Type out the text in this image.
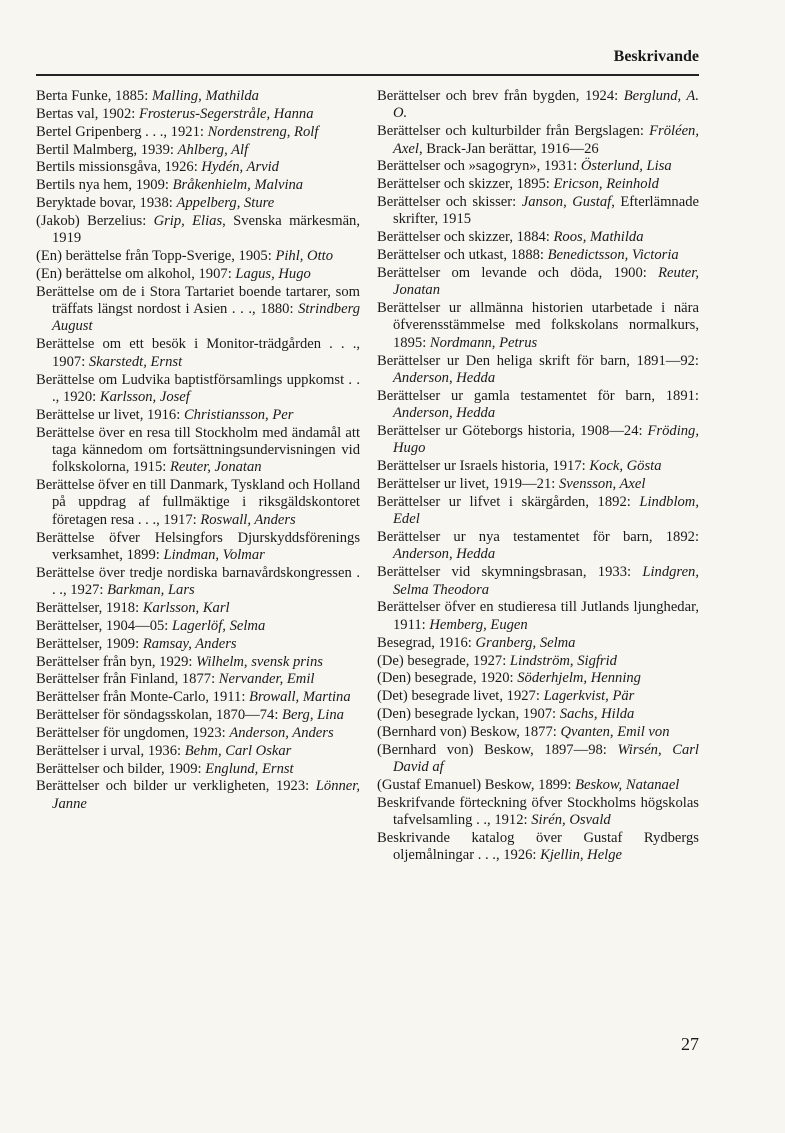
Beskrivande

Berta Funke, 1885: Malling, Mathilda

Bertas val, 1902: Frosterus-Segerstråle, Hanna

Bertel Gripenberg . . ., 1921: Nordenstreng, Rolf

Bertil Malmberg, 1939: Ahlberg, Alf

Bertils missionsgåva, 1926: Hydén, Arvid

Bertils nya hem, 1909: Bråkenhielm, Malvina

Beryktade bovar, 1938: Appelberg, Sture

(Jakob) Berzelius: Grip, Elias, Svenska märkesmän, 1919

(En) berättelse från Topp-Sverige, 1905: Pihl, Otto

(En) berättelse om alkohol, 1907: Lagus, Hugo

Berättelse om de i Stora Tartariet boende tartarer, som träffats längst nordost i Asien . . ., 1880: Strindberg August

Berättelse om ett besök i Monitor-trädgården . . ., 1907: Skarstedt, Ernst

Berättelse om Ludvika baptistförsamlings uppkomst . . ., 1920: Karlsson, Josef

Berättelse ur livet, 1916: Christiansson, Per

Berättelse över en resa till Stockholm med ändamål att taga kännedom om fortsättningsundervisningen vid folkskolorna, 1915: Reuter, Jonatan

Berättelse öfver en till Danmark, Tyskland och Holland på uppdrag af fullmäktige i riksgäldskontoret företagen resa . . ., 1917: Roswall, Anders

Berättelse öfver Helsingfors Djurskyddsförenings verksamhet, 1899: Lindman, Volmar

Berättelse över tredje nordiska barnavårdskongressen . . ., 1927: Barkman, Lars

Berättelser, 1918: Karlsson, Karl

Berättelser, 1904—05: Lagerlöf, Selma

Berättelser, 1909: Ramsay, Anders

Berättelser från byn, 1929: Wilhelm, svensk prins

Berättelser från Finland, 1877: Nervander, Emil

Berättelser från Monte-Carlo, 1911: Browall, Martina

Berättelser för söndagsskolan, 1870—74: Berg, Lina

Berättelser för ungdomen, 1923: Anderson, Anders

Berättelser i urval, 1936: Behm, Carl Oskar

Berättelser och bilder, 1909: Englund, Ernst

Berättelser och bilder ur verkligheten, 1923: Lönner, Janne

Berättelser och brev från bygden, 1924: Berglund, A. O.

Berättelser och kulturbilder från Bergslagen: Fröléen, Axel, Brack-Jan berättar, 1916—26

Berättelser och »sagogryn», 1931: Österlund, Lisa

Berättelser och skizzer, 1895: Ericson, Reinhold

Berättelser och skisser: Janson, Gustaf, Efterlämnade skrifter, 1915

Berättelser och skizzer, 1884: Roos, Mathilda

Berättelser och utkast, 1888: Benedictsson, Victoria

Berättelser om levande och döda, 1900: Reuter, Jonatan

Berättelser ur allmänna historien utarbetade i nära öfverensstämmelse med folkskolans normalkurs, 1895: Nordmann, Petrus

Berättelser ur Den heliga skrift för barn, 1891—92: Anderson, Hedda

Berättelser ur gamla testamentet för barn, 1891: Anderson, Hedda

Berättelser ur Göteborgs historia, 1908—24: Fröding, Hugo

Berättelser ur Israels historia, 1917: Kock, Gösta

Berättelser ur livet, 1919—21: Svensson, Axel

Berättelser ur lifvet i skärgården, 1892: Lindblom, Edel

Berättelser ur nya testamentet för barn, 1892: Anderson, Hedda

Berättelser vid skymningsbrasan, 1933: Lindgren, Selma Theodora

Berättelser öfver en studieresa till Jutlands ljunghedar, 1911: Hemberg, Eugen

Besegrad, 1916: Granberg, Selma

(De) besegrade, 1927: Lindström, Sigfrid

(Den) besegrade, 1920: Söderhjelm, Henning

(Det) besegrade livet, 1927: Lagerkvist, Pär

(Den) besegrade lyckan, 1907: Sachs, Hilda

(Bernhard von) Beskow, 1877: Qvanten, Emil von

(Bernhard von) Beskow, 1897—98: Wirsén, Carl David af

(Gustaf Emanuel) Beskow, 1899: Beskow, Natanael

Beskrifvande förteckning öfver Stockholms högskolas tafvelsamling . ., 1912: Sirén, Osvald

Beskrivande katalog över Gustaf Rydbergs oljemålningar . . ., 1926: Kjellin, Helge

27
